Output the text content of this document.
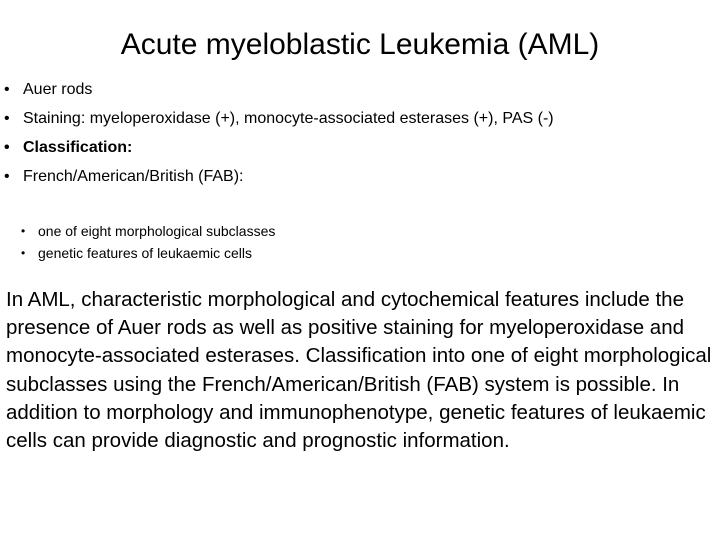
Acute myeloblastic Leukemia (AML)
• Auer rods
• Staining: myeloperoxidase (+), monocyte-associated esterases (+), PAS (-)
• Classification:
• French/American/British (FAB):
• one of eight morphological subclasses
• genetic features of leukaemic cells

In AML, characteristic morphological and cytochemical features include the presence of Auer rods as well as positive staining for myeloperoxidase and monocyte-associated esterases. Classification into one of eight morphological subclasses using the French/American/British (FAB) system is possible. In addition to morphology and immunophenotype, genetic features of leukaemic cells can provide diagnostic and prognostic information.
